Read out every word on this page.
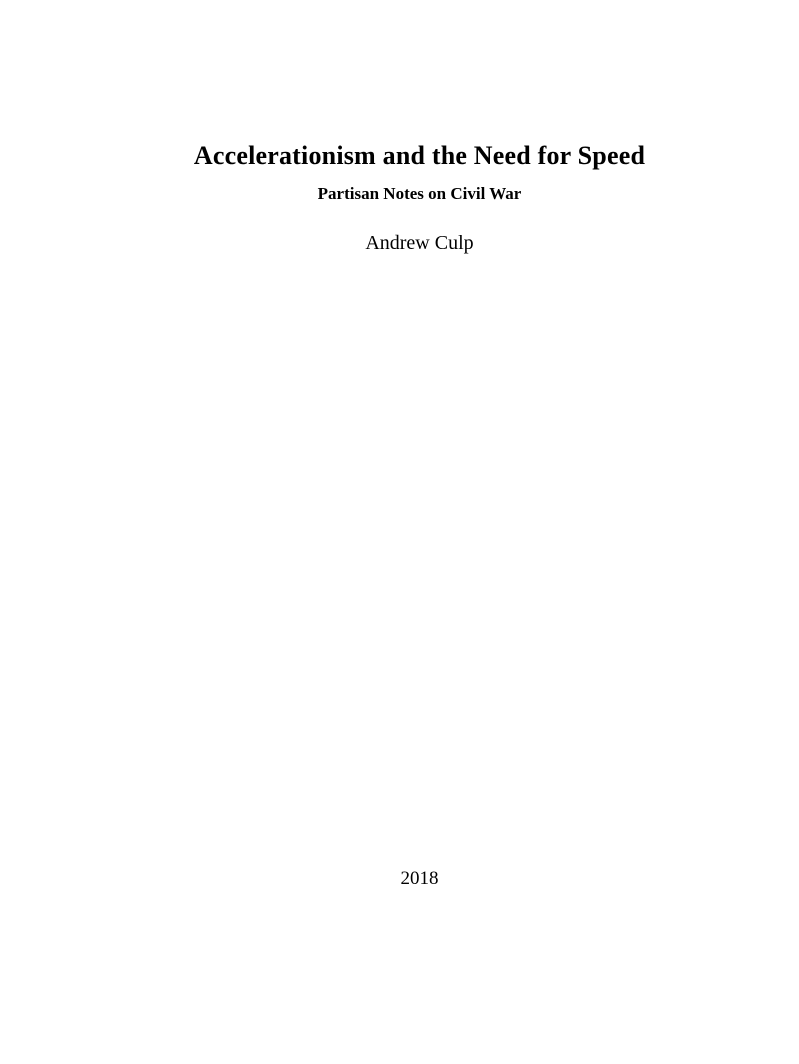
Accelerationism and the Need for Speed
Partisan Notes on Civil War
Andrew Culp
2018
